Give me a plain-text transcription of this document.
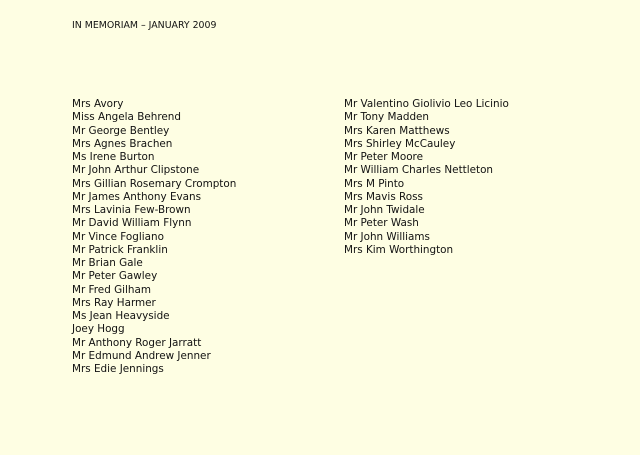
IN MEMORIAM – JANUARY 2009
Mrs Avory
Miss Angela Behrend
Mr George Bentley
Mrs Agnes Brachen
Ms Irene Burton
Mr John Arthur Clipstone
Mrs Gillian Rosemary Crompton
Mr James Anthony Evans
Mrs Lavinia Few-Brown
Mr David William Flynn
Mr Vince Fogliano
Mr Patrick Franklin
Mr Brian Gale
Mr Peter Gawley
Mr Fred Gilham
Mrs Ray Harmer
Ms Jean Heavyside
Joey Hogg
Mr Anthony Roger Jarratt
Mr Edmund Andrew Jenner
Mrs Edie Jennings
Mr Valentino Giolivio Leo Licinio
Mr Tony Madden
Mrs Karen Matthews
Mrs Shirley McCauley
Mr Peter Moore
Mr William Charles Nettleton
Mrs M Pinto
Mrs Mavis Ross
Mr John Twidale
Mr Peter Wash
Mr John Williams
Mrs Kim Worthington
